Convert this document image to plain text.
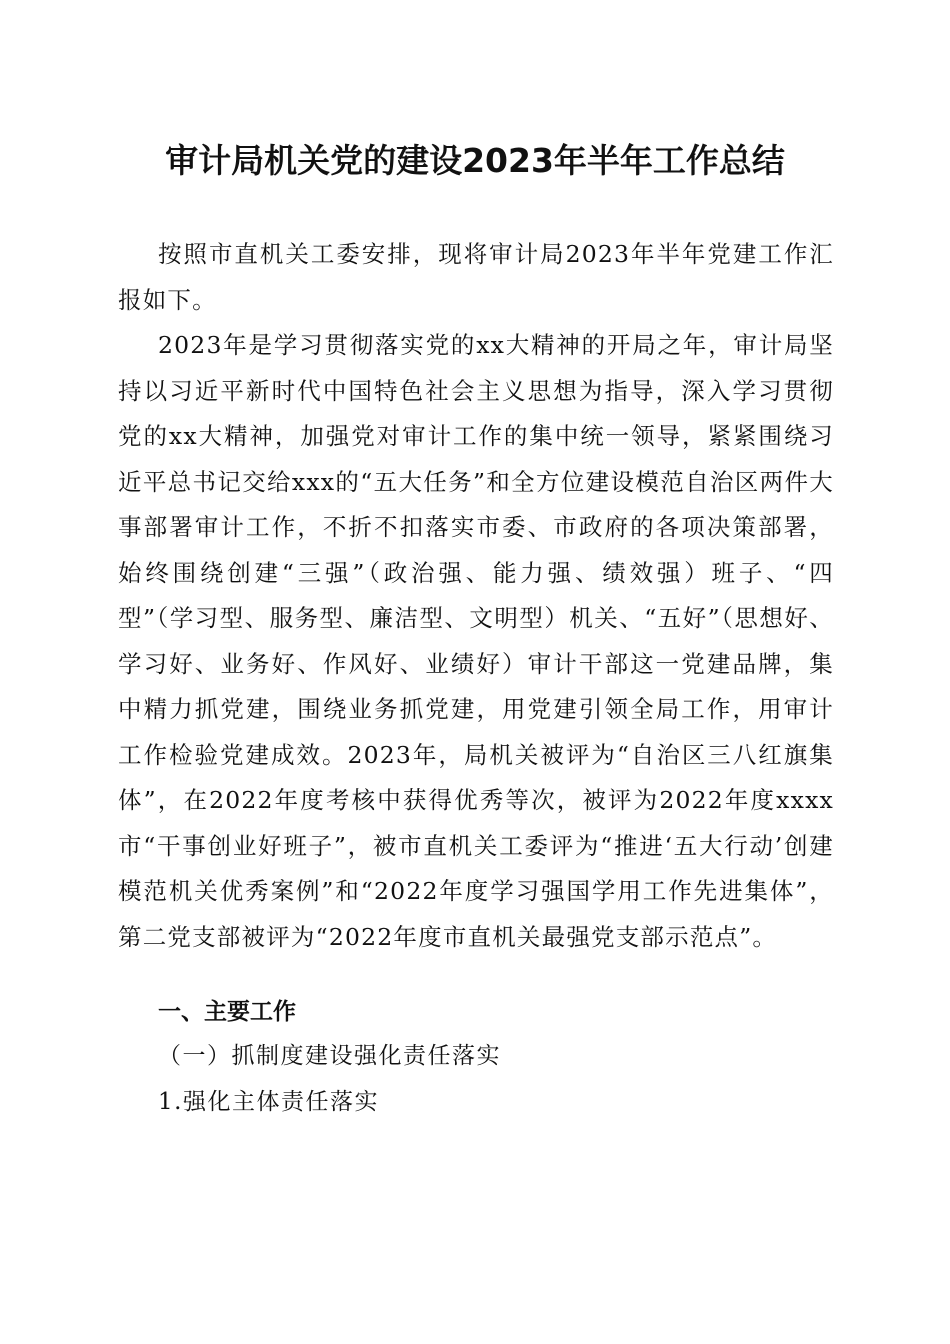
审计局机关党的建设2023年半年工作总结
按照市直机关工委安排，现将审计局2023年半年党建工作汇报如下。
2023年是学习贯彻落实党的xx大精神的开局之年，审计局坚持以习近平新时代中国特色社会主义思想为指导，深入学习贯彻党的xx大精神，加强党对审计工作的集中统一领导，紧紧围绕习近平总书记交给xxx的“五大任务”和全方位建设模范自治区两件大事部署审计工作，不折不扣落实市委、市政府的各项决策部署，始终围绕创建“三强”（政治强、能力强、绩效强）班子、“四型”（学习型、服务型、廉洁型、文明型）机关、“五好”（思想好、学习好、业务好、作风好、业绩好）审计干部这一党建品牌，集中精力抓党建，围绕业务抓党建，用党建引领全局工作，用审计工作检验党建成效。2023年，局机关被评为“自治区三八红旗集体”，在2022年度考核中获得优秀等次，被评为2022年度xxxx市“干事创业好班子”，被市直机关工委评为“推进‘五大行动’创建模范机关优秀案例”和“2022年度学习强国学用工作先进集体”，第二党支部被评为“2022年度市直机关最强党支部示范点”。
一、主要工作
（一）抓制度建设强化责任落实
1.强化主体责任落实
